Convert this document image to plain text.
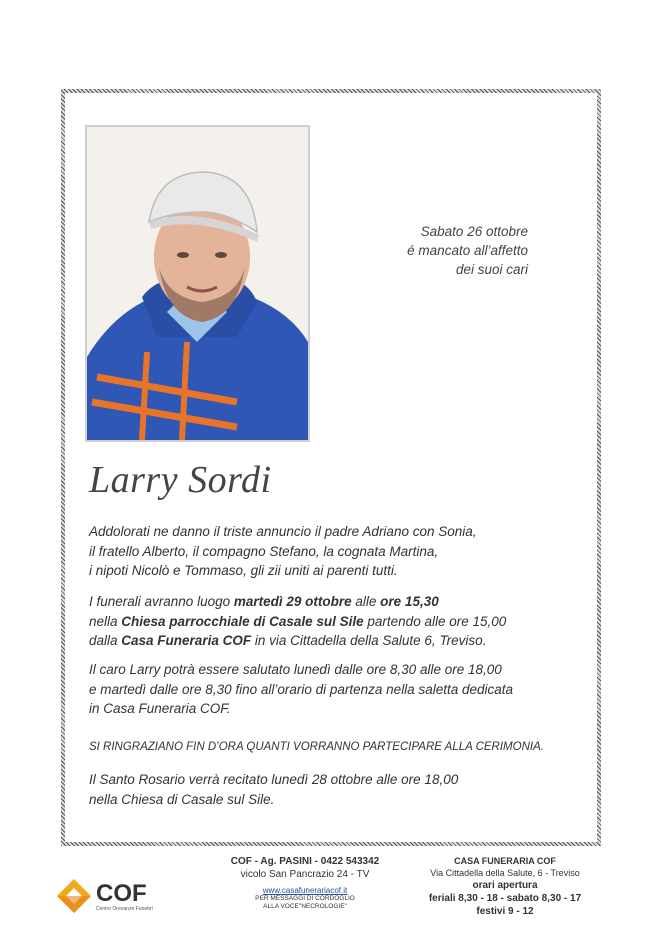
Sabato 26 ottobre
é mancato all’affetto
dei suoi cari
Larry Sordi
Addolorati ne danno il triste annuncio il padre Adriano con Sonia,
il fratello Alberto, il compagno Stefano, la cognata Martina,
i nipoti Nicolò e Tommaso, gli zii uniti ai parenti tutti.
I funerali avranno luogo martedì 29 ottobre alle ore 15,30
nella Chiesa parrocchiale di Casale sul Sile partendo alle ore 15,00
dalla Casa Funeraria COF in via Cittadella della Salute 6, Treviso.
Il caro Larry potrà essere salutato lunedì dalle ore 8,30 alle ore 18,00
e martedì dalle ore 8,30 fino all’orario di partenza nella saletta dedicata
in Casa Funeraria COF.
SI RINGRAZIANO FIN D’ORA QUANTI VORRANNO PARTECIPARE ALLA CERIMONIA.
Il Santo Rosario verrà recitato lunedì 28 ottobre alle ore 18,00
nella Chiesa di Casale sul Sile.
COF
Centro Onoranze Funebri
COF - Ag. PASINI - 0422 543342
vicolo San Pancrazio 24 - TV
www.casafunerariacof.it
PER MESSAGGI DI CORDOGLIO
ALLA VOCE"NECROLOGIE"
CASA FUNERARIA COF
Via Cittadella della Salute, 6 - Treviso
orari apertura
feriali 8,30 - 18 - sabato 8,30 - 17
festivi 9 - 12
